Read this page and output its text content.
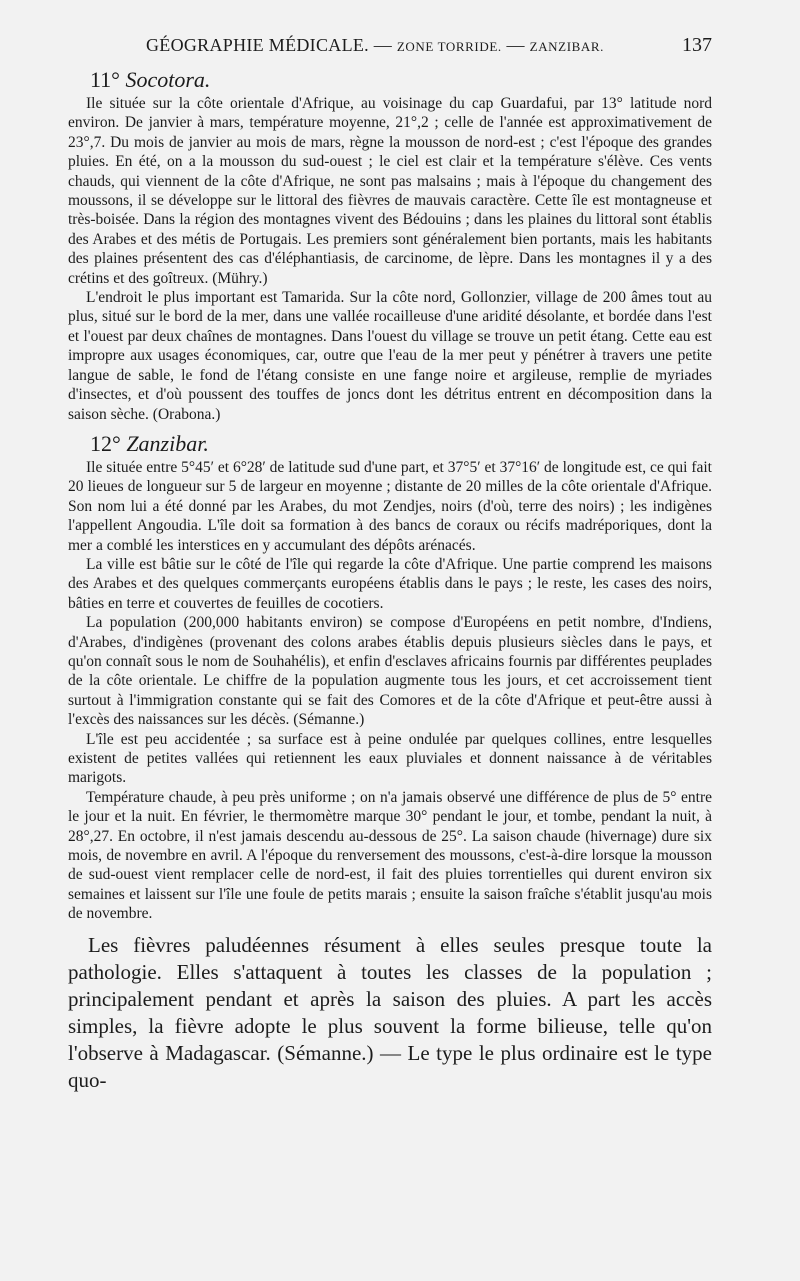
GÉOGRAPHIE MÉDICALE. — ZONE TORRIDE. — ZANZIBAR.	137
11° Socotora.

Ile située sur la côte orientale d'Afrique, au voisinage du cap Guardafui, par 13° latitude nord environ. De janvier à mars, température moyenne, 21°,2 ; celle de l'année est approximativement de 23°,7. Du mois de janvier au mois de mars, règne la mousson de nord-est ; c'est l'époque des grandes pluies. En été, on a la mousson du sud-ouest ; le ciel est clair et la température s'élève. Ces vents chauds, qui viennent de la côte d'Afrique, ne sont pas malsains ; mais à l'époque du changement des moussons, il se développe sur le littoral des fièvres de mauvais caractère. Cette île est montagneuse et très-boisée. Dans la région des montagnes vivent des Bédouins ; dans les plaines du littoral sont établis des Arabes et des métis de Portugais. Les premiers sont généralement bien portants, mais les habitants des plaines présentent des cas d'éléphantiasis, de carcinome, de lèpre. Dans les montagnes il y a des crétins et des goîtreux. (Mühry.)

L'endroit le plus important est Tamarida. Sur la côte nord, Gollonzier, village de 200 âmes tout au plus, situé sur le bord de la mer, dans une vallée rocailleuse d'une aridité désolante, et bordée dans l'est et l'ouest par deux chaînes de montagnes. Dans l'ouest du village se trouve un petit étang. Cette eau est impropre aux usages économiques, car, outre que l'eau de la mer peut y pénétrer à travers une petite langue de sable, le fond de l'étang consiste en une fange noire et argileuse, remplie de myriades d'insectes, et d'où poussent des touffes de joncs dont les détritus entrent en décomposition dans la saison sèche. (Orabona.)

12° Zanzibar.

Ile située entre 5°45′ et 6°28′ de latitude sud d'une part, et 37°5′ et 37°16′ de longitude est, ce qui fait 20 lieues de longueur sur 5 de largeur en moyenne ; distante de 20 milles de la côte orientale d'Afrique. Son nom lui a été donné par les Arabes, du mot Zendjes, noirs (d'où, terre des noirs) ; les indigènes l'appellent Angoudia. L'île doit sa formation à des bancs de coraux ou récifs madréporiques, dont la mer a comblé les interstices en y accumulant des dépôts arénacés.

La ville est bâtie sur le côté de l'île qui regarde la côte d'Afrique. Une partie comprend les maisons des Arabes et des quelques commerçants européens établis dans le pays ; le reste, les cases des noirs, bâties en terre et couvertes de feuilles de cocotiers.

La population (200,000 habitants environ) se compose d'Européens en petit nombre, d'Indiens, d'Arabes, d'indigènes (provenant des colons arabes établis depuis plusieurs siècles dans le pays, et qu'on connaît sous le nom de Souhahélis), et enfin d'esclaves africains fournis par différentes peuplades de la côte orientale. Le chiffre de la population augmente tous les jours, et cet accroissement tient surtout à l'immigration constante qui se fait des Comores et de la côte d'Afrique et peut-être aussi à l'excès des naissances sur les décès. (Sémanne.)

L'île est peu accidentée ; sa surface est à peine ondulée par quelques collines, entre lesquelles existent de petites vallées qui retiennent les eaux pluviales et donnent naissance à de véritables marigots.

Température chaude, à peu près uniforme ; on n'a jamais observé une différence de plus de 5° entre le jour et la nuit. En février, le thermomètre marque 30° pendant le jour, et tombe, pendant la nuit, à 28°,27. En octobre, il n'est jamais descendu au-dessous de 25°. La saison chaude (hivernage) dure six mois, de novembre en avril. A l'époque du renversement des moussons, c'est-à-dire lorsque la mousson de sud-ouest vient remplacer celle de nord-est, il fait des pluies torrentielles qui durent environ six semaines et laissent sur l'île une foule de petits marais ; ensuite la saison fraîche s'établit jusqu'au mois de novembre.

Les fièvres paludéennes résument à elles seules presque toute la pathologie. Elles s'attaquent à toutes les classes de la population ; principalement pendant et après la saison des pluies. A part les accès simples, la fièvre adopte le plus souvent la forme bilieuse, telle qu'on l'observe à Madagascar. (Sémanne.) — Le type le plus ordinaire est le type quo-
